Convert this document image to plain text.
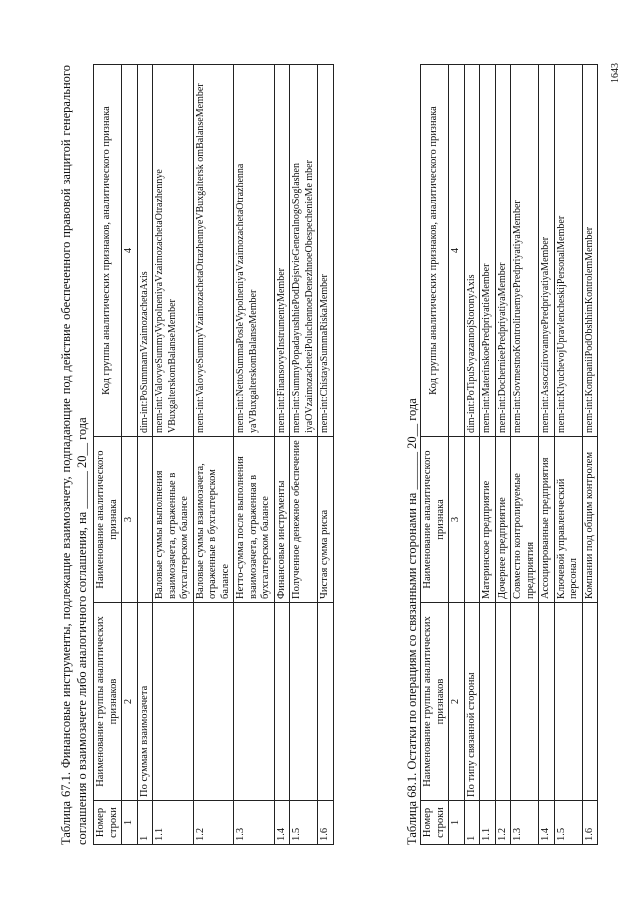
1643
Таблица 67.1. Финансовые инструменты, подлежащие взаимозачету, подпадающие под действие обеспеченного правовой защитой генерального соглашения о взаимозачете либо аналогичного соглашения, на ______ 20__ года Номер строки	Наименование группы аналитических признаков	Наименование аналитического признака	Код группы аналитических признаков, аналитического признака
1	2	3	4
1	По суммам взаимозачета		dim-int:PoSummamVzaimozachetaAxis
1.1		Валовые суммы выполнения взаимозачета, отраженные в бухгалтерском балансе	mem-int:ValovyeSummyVypolneniyaVzaimozachetaOtrazhennye VBuxgalterskomBalanseMember
1.2		Валовые суммы взаимозачета, отраженные в бухгалтерском балансе	mem-int:ValovyeSummyVzaimozachetaOtrazhennyeVBuxgaltersk omBalanseMember
1.3		Нетто-сумма после выполнения взаимозачета, отраженная в бухгалтерском балансе	mem-int:NettoSummaPosleVypolneniyaVzaimozachetaOtrazhenna yaVBuxgalterskomBalanseMember
1.4		Финансовые инструменты	mem-int:FinansovyeInstrumentyMember
1.5		Полученное денежное обеспечение	mem-int:SummyPopadayushhiePodDejstvieGeneralnogoSoglashen iyaOVzaimozacheteiPoluchennoeDenezhnoeObespechenieMe mber
1.6		Чистая сумма риска	mem-int:ChistayaSummaRiskaMember
Таблица 68.1. Остатки по операциям со связанными сторонами на ______ 20__ года Номер строки	Наименование группы аналитических признаков	Наименование аналитического признака	Код группы аналитических признаков, аналитического признака
1	2	3	4
1	По типу связанной стороны		dim-int:PoTipuSvyazannojStoronyAxis
1.1		Материнское предприятие	mem-int:MaterinskoePredpriyatieMember
1.2		Дочернее предприятие	mem-int:DochernieePredpriyatiyaMember
1.3		Совместно контролируемые предприятия	mem-int:SovmestnoKontroliruemyePredpriyatiyaMember
1.4		Ассоциированные предприятия	mem-int:AssocziirovannyePredpriyatiyaMember
1.5		Ключевой управленческий персонал	mem-int:KlyuchevojUpravlencheskijPersonalMember
1.6		Компании под общим контролем	mem-int:KompaniiPodObshhimKontrolemMember
